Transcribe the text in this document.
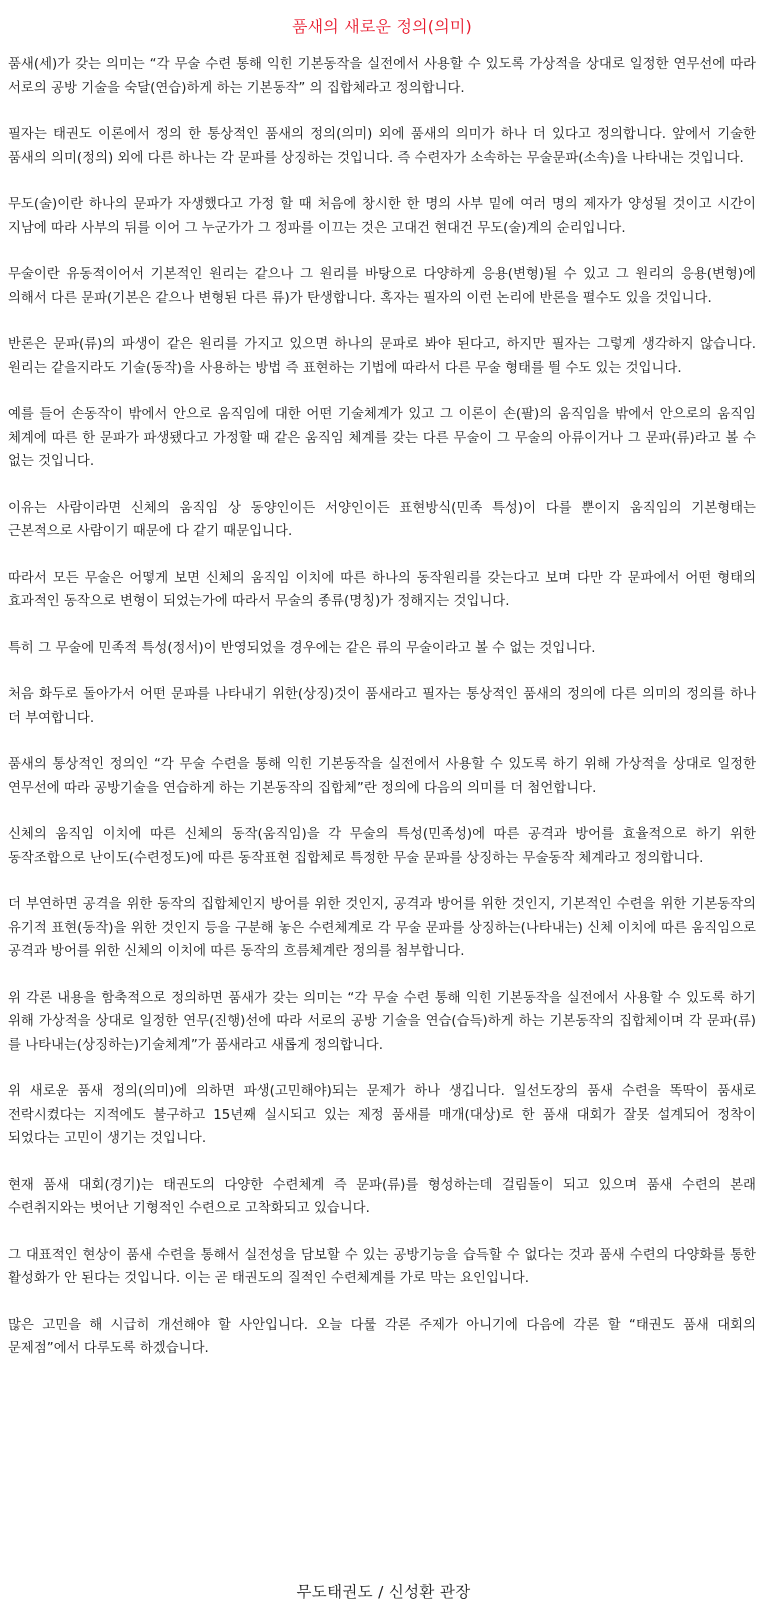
품새의 새로운 정의(의미)

품새(세)가 갖는 의미는 “각 무술 수련 통해 익힌 기본동작을 실전에서 사용할 수 있도록 가상적을 상대로 일정한 연무선에 따라 서로의 공방 기술을 숙달(연습)하게 하는 기본동작” 의 집합체라고 정의합니다.

필자는 태권도 이론에서 정의 한 통상적인 품새의 정의(의미) 외에 품새의 의미가 하나 더 있다고 정의합니다. 앞에서 기술한 품새의 의미(정의) 외에 다른 하나는 각 문파를 상징하는 것입니다. 즉 수련자가 소속하는 무술문파(소속)을 나타내는 것입니다.

무도(술)이란 하나의 문파가 자생했다고 가정 할 때 처음에 창시한 한 명의 사부 밑에 여러 명의 제자가 양성될 것이고 시간이 지남에 따라 사부의 뒤를 이어 그 누군가가 그 정파를 이끄는 것은 고대건 현대건 무도(술)계의 순리입니다.

무술이란 유동적이어서 기본적인 원리는 같으나 그 원리를 바탕으로 다양하게 응용(변형)될 수 있고 그 원리의 응용(변형)에 의해서 다른 문파(기본은 같으나 변형된 다른 류)가 탄생합니다. 혹자는 필자의 이런 논리에 반론을 펼수도 있을 것입니다.

반론은 문파(류)의 파생이 같은 원리를 가지고 있으면 하나의 문파로 봐야 된다고, 하지만 필자는 그렇게 생각하지 않습니다. 원리는 같을지라도 기술(동작)을 사용하는 방법 즉 표현하는 기법에 따라서 다른 무술 형태를 띌 수도 있는 것입니다.

예를 들어 손동작이 밖에서 안으로 움직임에 대한 어떤 기술체계가 있고 그 이론이 손(팔)의 움직임을 밖에서 안으로의 움직임 체계에 따른 한 문파가 파생됐다고 가정할 때 같은 움직임 체계를 갖는 다른 무술이 그 무술의 아류이거나 그 문파(류)라고 볼 수 없는 것입니다.

이유는 사람이라면 신체의 움직임 상 동양인이든 서양인이든 표현방식(민족 특성)이 다를 뿐이지 움직임의 기본형태는 근본적으로 사람이기 때문에 다 같기 때문입니다.

따라서 모든 무술은 어떻게 보면 신체의 움직임 이치에 따른 하나의 동작원리를 갖는다고 보며 다만 각 문파에서 어떤 형태의 효과적인 동작으로 변형이 되었는가에 따라서 무술의 종류(명칭)가 정해지는 것입니다.

특히 그 무술에 민족적 특성(정서)이 반영되었을 경우에는 같은 류의 무술이라고 볼 수 없는 것입니다.

처음 화두로 돌아가서 어떤 문파를 나타내기 위한(상징)것이 품새라고 필자는 통상적인 품새의 정의에 다른 의미의 정의를 하나 더 부여합니다.

품새의 통상적인 정의인 “각 무술 수련을 통해 익힌 기본동작을 실전에서 사용할 수 있도록 하기 위해 가상적을 상대로 일정한 연무선에 따라 공방기술을 연습하게 하는 기본동작의 집합체”란 정의에 다음의 의미를 더 첨언합니다.

신체의 움직임 이치에 따른 신체의 동작(움직임)을 각 무술의 특성(민족성)에 따른 공격과 방어를 효율적으로 하기 위한 동작조합으로 난이도(수련정도)에 따른 동작표현 집합체로 특정한 무술 문파를 상징하는 무술동작 체계라고 정의합니다.

더 부연하면 공격을 위한 동작의 집합체인지 방어를 위한 것인지, 공격과 방어를 위한 것인지, 기본적인 수련을 위한 기본동작의 유기적 표현(동작)을 위한 것인지 등을 구분해 놓은 수련체계로 각 무술 문파를 상징하는(나타내는) 신체 이치에 따른 움직임으로 공격과 방어를 위한 신체의 이치에 따른 동작의 흐름체계란 정의를 첨부합니다.

위 각론 내용을 함축적으로 정의하면 품새가 갖는 의미는 “각 무술 수련 통해 익힌 기본동작을 실전에서 사용할 수 있도록 하기 위해 가상적을 상대로 일정한 연무(진행)선에 따라 서로의 공방 기술을 연습(습득)하게 하는 기본동작의 집합체이며 각 문파(류)를 나타내는(상징하는)기술체계”가 품새라고 새롭게 정의합니다.

위 새로운 품새 정의(의미)에 의하면 파생(고민해야)되는 문제가 하나 생깁니다. 일선도장의 품새 수련을 똑딱이 품새로 전락시켰다는 지적에도 불구하고 15년째 실시되고 있는 제정 품새를 매개(대상)로 한 품새 대회가 잘못 설계되어 정착이 되었다는 고민이 생기는 것입니다.

현재 품새 대회(경기)는 태권도의 다양한 수련체계 즉 문파(류)를 형성하는데 걸림돌이 되고 있으며 품새 수련의 본래 수련취지와는 벗어난 기형적인 수련으로 고착화되고 있습니다.

그 대표적인 현상이 품새 수련을 통해서 실전성을 담보할 수 있는 공방기능을 습득할 수 없다는 것과 품새 수련의 다양화를 통한 활성화가 안 된다는 것입니다. 이는 곧 태권도의 질적인 수련체계를 가로 막는 요인입니다.

많은 고민을 해 시급히 개선해야 할 사안입니다. 오늘 다룰 각론 주제가 아니기에 다음에 각론 할 “태권도 품새 대회의 문제점”에서 다루도록 하겠습니다.

무도태권도 / 신성환 관장
